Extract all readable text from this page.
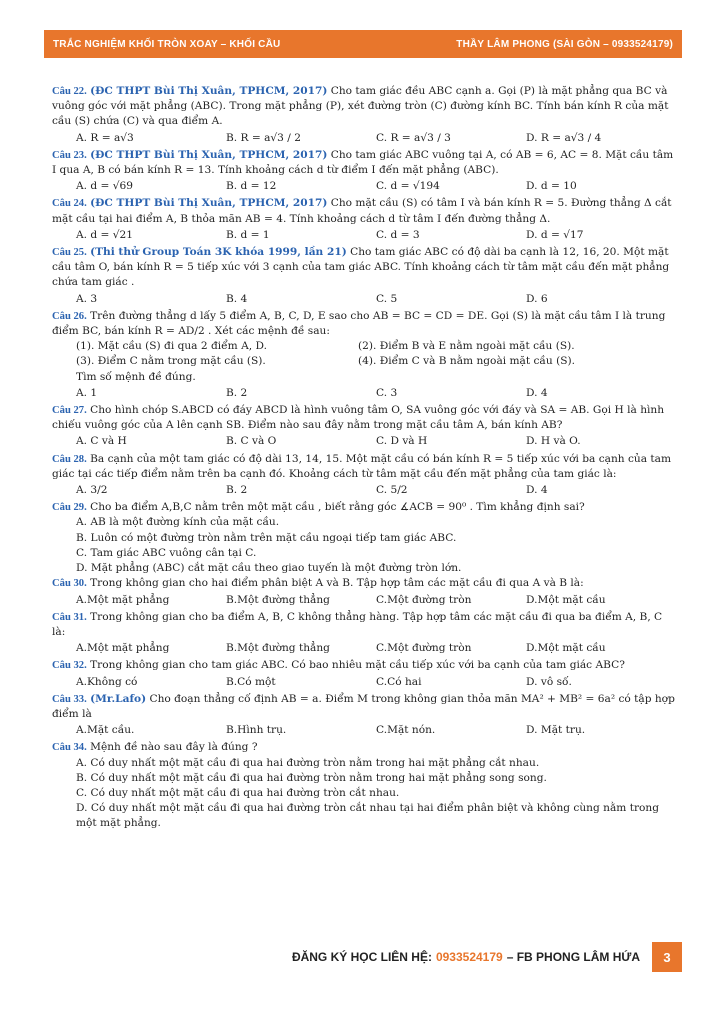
TRẮC NGHIỆM KHỐI TRÒN XOAY – KHỐI CẦU	THẦY LÂM PHONG (SÀI GÒN – 0933524179)

Câu 22. (ĐC THPT Bùi Thị Xuân, TPHCM, 2017) Cho tam giác đều ABC cạnh a. Gọi (P) là mặt phẳng qua BC và vuông góc với mặt phẳng (ABC). Trong mặt phẳng (P), xét đường tròn (C) đường kính BC. Tính bán kính R của mặt cầu (S) chứa (C) và qua điểm A.

A. R = a√3	B. R = a√3 / 2	C. R = a√3 / 3	D. R = a√3 / 4

Câu 23. (ĐC THPT Bùi Thị Xuân, TPHCM, 2017) Cho tam giác ABC vuông tại A, có AB = 6, AC = 8. Mặt cầu tâm I qua A, B có bán kính R = 13. Tính khoảng cách d từ điểm I đến mặt phẳng (ABC).

A. d = √69	B. d = 12	C. d = √194	D. d = 10

Câu 24. (ĐC THPT Bùi Thị Xuân, TPHCM, 2017) Cho mặt cầu (S) có tâm I và bán kính R = 5. Đường thẳng Δ cắt mặt cầu tại hai điểm A, B thỏa mãn AB = 4. Tính khoảng cách d từ tâm I đến đường thẳng Δ.

A. d = √21	B. d = 1	C. d = 3	D. d = √17

Câu 25. (Thi thử Group Toán 3K khóa 1999, lần 21) Cho tam giác ABC có độ dài ba cạnh là 12, 16, 20. Một mặt cầu tâm O, bán kính R = 5 tiếp xúc với 3 cạnh của tam giác ABC. Tính khoảng cách từ tâm mặt cầu đến mặt phẳng chứa tam giác .

A. 3	B. 4	C. 5	D. 6

Câu 26. Trên đường thẳng d lấy 5 điểm A, B, C, D, E sao cho AB = BC = CD = DE. Gọi (S) là mặt cầu tâm I là trung điểm BC, bán kính R = AD/2 . Xét các mệnh đề sau:

(1). Mặt cầu (S) đi qua 2 điểm A, D.	(2). Điểm B và E nằm ngoài mặt cầu (S).
(3). Điểm C nằm trong mặt cầu (S).	(4). Điểm C và B nằm ngoài mặt cầu (S).
Tìm số mệnh đề đúng.
A. 1	B. 2	C. 3	D. 4

Câu 27. Cho hình chóp S.ABCD có đáy ABCD là hình vuông tâm O, SA vuông góc với đáy và SA = AB. Gọi H là hình chiếu vuông góc của A lên cạnh SB. Điểm nào sau đây nằm trong mặt cầu tâm A, bán kính AB?

A. C và H	B. C và O	C. D và H	D. H và O.

Câu 28. Ba cạnh của một tam giác có độ dài 13, 14, 15. Một mặt cầu có bán kính R = 5 tiếp xúc với ba cạnh của tam giác tại các tiếp điểm nằm trên ba cạnh đó. Khoảng cách từ tâm mặt cầu đến mặt phẳng của tam giác là:

A. 3/2	B. 2	C. 5/2	D. 4

Câu 29. Cho ba điểm A,B,C nằm trên một mặt cầu , biết rằng góc ∡ACB = 90⁰ . Tìm khẳng định sai?

A. AB là một đường kính của mặt cầu.
B. Luôn có một đường tròn nằm trên mặt cầu ngoại tiếp tam giác ABC.
C. Tam giác ABC vuông cân tại C.
D. Mặt phẳng (ABC) cắt mặt cầu theo giao tuyến là một đường tròn lớn.

Câu 30. Trong không gian cho hai điểm phân biệt A và B. Tập hợp tâm các mặt cầu đi qua A và B là:

A.Một mặt phẳng	B.Một đường thẳng	C.Một đường tròn	D.Một mặt cầu

Câu 31. Trong không gian cho ba điểm A, B, C không thẳng hàng. Tập hợp tâm các mặt cầu đi qua ba điểm A, B, C là:

A.Một mặt phẳng	B.Một đường thẳng	C.Một đường tròn	D.Một mặt cầu

Câu 32. Trong không gian cho tam giác ABC. Có bao nhiêu mặt cầu tiếp xúc với ba cạnh của tam giác ABC?

A.Không có	B.Có một	C.Có hai	D. vô số.

Câu 33. (Mr.Lafo) Cho đoạn thẳng cố định AB = a. Điểm M trong không gian thỏa mãn MA² + MB² = 6a² có tập hợp điểm là

A.Mặt cầu.	B.Hình trụ.	C.Mặt nón.	D. Mặt trụ.

Câu 34. Mệnh đề nào sau đây là đúng ?

A. Có duy nhất một mặt cầu đi qua hai đường tròn nằm trong hai mặt phẳng cắt nhau.
B. Có duy nhất một mặt cầu đi qua hai đường tròn nằm trong hai mặt phẳng song song.
C. Có duy nhất một mặt cầu đi qua hai đường tròn cắt nhau.
D. Có duy nhất một mặt cầu đi qua hai đường tròn cắt nhau tại hai điểm phân biệt và không cùng nằm trong một mặt phẳng.
ĐĂNG KÝ HỌC LIÊN HỆ: 0933524179 – FB PHONG LÂM HỨA	3
